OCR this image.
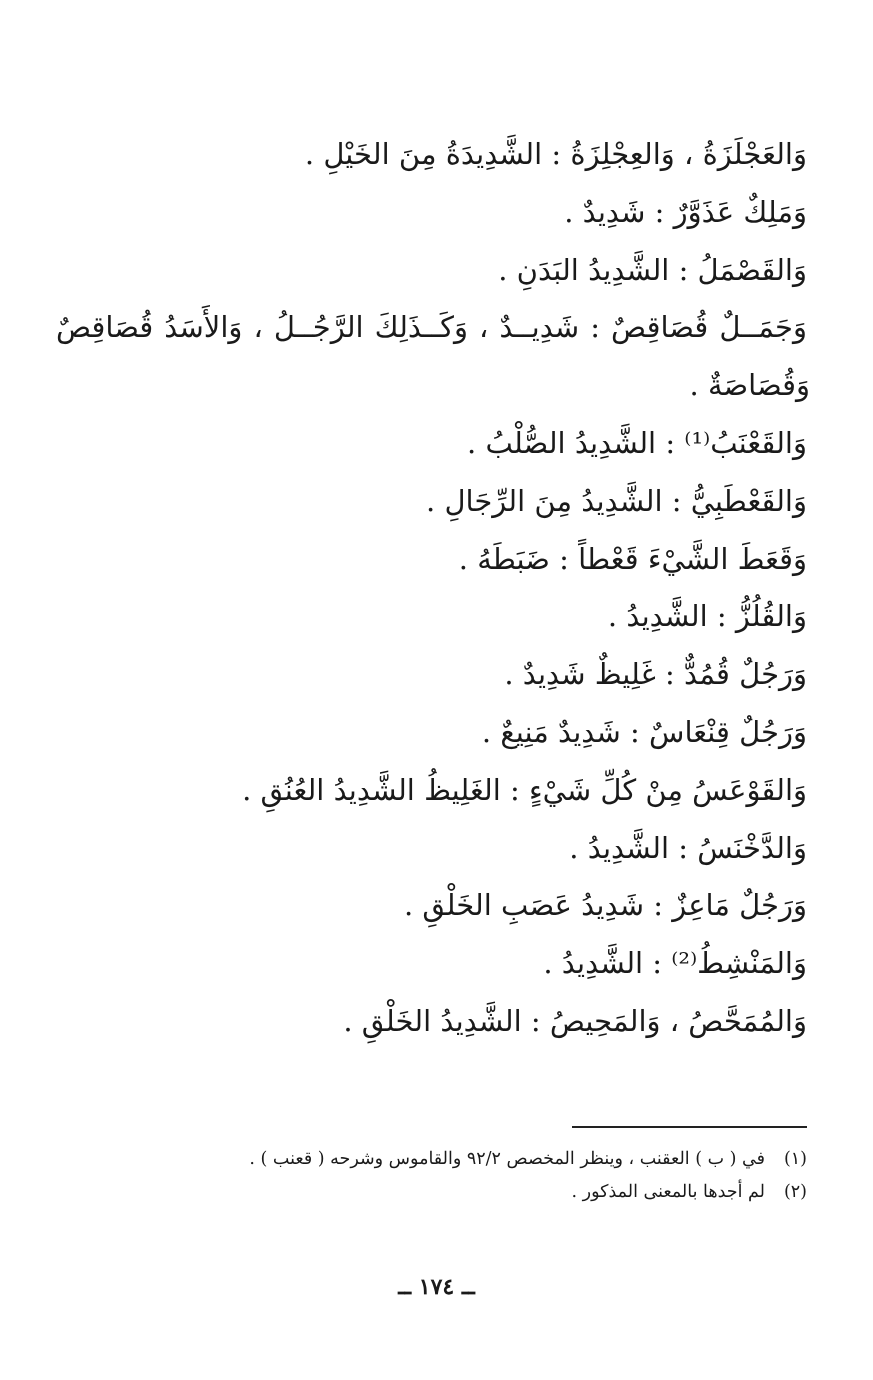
وَالعَجْلَزَةُ ، وَالعِجْلِزَةُ : الشَّدِيدَةُ مِنَ الخَيْلِ .
وَمَلِكٌ عَذَوَّرٌ : شَدِيدٌ .
وَالقَصْمَلُ : الشَّدِيدُ البَدَنِ .
وَجَمَــلٌ قُصَاقِصٌ : شَدِيــدٌ ، وَكَــذَلِكَ الرَّجُــلُ ، وَالأَسَدُ قُصَاقِصٌ
وَقُصَاصَةٌ .
وَالقَعْنَبُ⁽¹⁾ : الشَّدِيدُ الصُّلْبُ .
وَالقَعْطَبِيُّ : الشَّدِيدُ مِنَ الرِّجَالِ .
وَقَعَطَ الشَّيْءَ قَعْطاً : ضَبَطَهُ .
وَالقُلُزُّ : الشَّدِيدُ .
وَرَجُلٌ قُمُدٌّ : غَلِيظٌ شَدِيدٌ .
وَرَجُلٌ قِنْعَاسٌ : شَدِيدٌ مَنِيعٌ .
وَالقَوْعَسُ مِنْ كُلِّ شَيْءٍ : الغَلِيظُ الشَّدِيدُ العُنُقِ .
وَالدَّخْنَسُ : الشَّدِيدُ .
وَرَجُلٌ مَاعِزٌ : شَدِيدُ عَصَبِ الخَلْقِ .
وَالمَنْشِطُ⁽²⁾ : الشَّدِيدُ .
وَالمُمَحَّصُ ، وَالمَحِيصُ : الشَّدِيدُ الخَلْقِ .
(١)في ( ب ) العقنب ، وينظر المخصص ٩٢/٢ والقاموس وشرحه ( قعنب ) .
(٢)لم أجدها بالمعنى المذكور .
ــ ١٧٤ ــ
